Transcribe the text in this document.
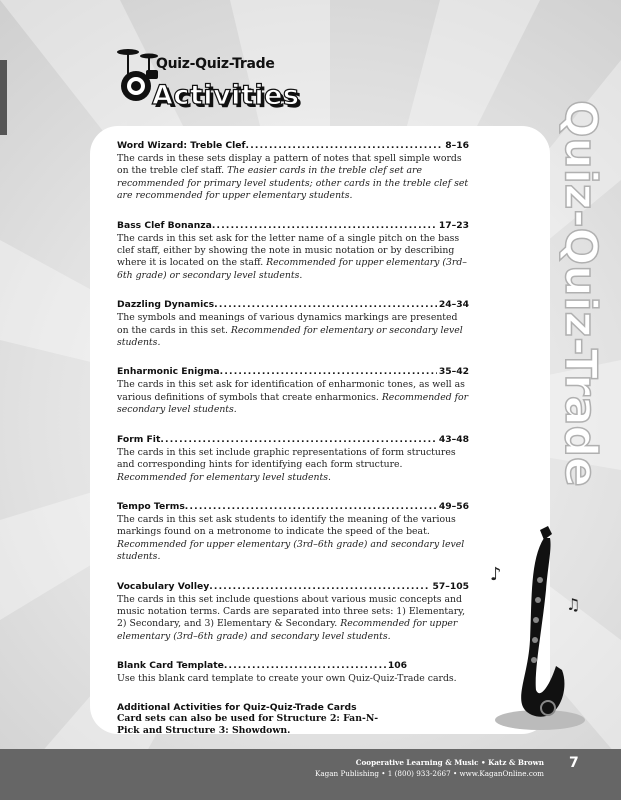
Quiz-Quiz-Trade
Activities
Quiz-Quiz-Trade
♪
♫
Word Wizard: Treble Clef . . .	8–16
The cards in these sets display a pattern of notes that spell simple words on the treble clef staff. The easier cards in the treble clef set are recommended for primary level students; other cards in the treble clef set are recommended for upper elementary students.
Bass Clef Bonanza . . .	17–23
The cards in this set ask for the letter name of a single pitch on the bass clef staff, either by showing the note in music notation or by describing where it is located on the staff. Recommended for upper elementary (3rd–6th grade) or secondary level students.
Dazzling Dynamics . . .	24–34
The symbols and meanings of various dynamics markings are presented on the cards in this set. Recommended for elementary or secondary level students.
Enharmonic Enigma . . .	35–42
The cards in this set ask for identification of enharmonic tones, as well as various definitions of symbols that create enharmonics. Recommended for secondary level students.
Form Fit . . .	43–48
The cards in this set include graphic representations of form structures and corresponding hints for identifying each form structure. Recommended for elementary level students.
Tempo Terms . . .	49–56
The cards in this set ask students to identify the meaning of the various markings found on a metronome to indicate the speed of the beat. Recommended for upper elementary (3rd–6th grade) and secondary level students.
Vocabulary Volley . . .	57–105
The cards in this set include questions about various music concepts and music notation terms. Cards are separated into three sets: 1) Elementary, 2) Secondary, and 3) Elementary & Secondary. Recommended for upper elementary (3rd–6th grade) and secondary level students.
Blank Card Template . . .	106
Use this blank card template to create your own Quiz-Quiz-Trade cards.
Additional Activities for Quiz-Quiz-Trade Cards
Card sets can also be used for Structure 2: Fan-N-Pick and Structure 3: Showdown.
Cooperative Learning & Music • Katz & Brown
Kagan Publishing • 1 (800) 933-2667 • www.KaganOnline.com
7
